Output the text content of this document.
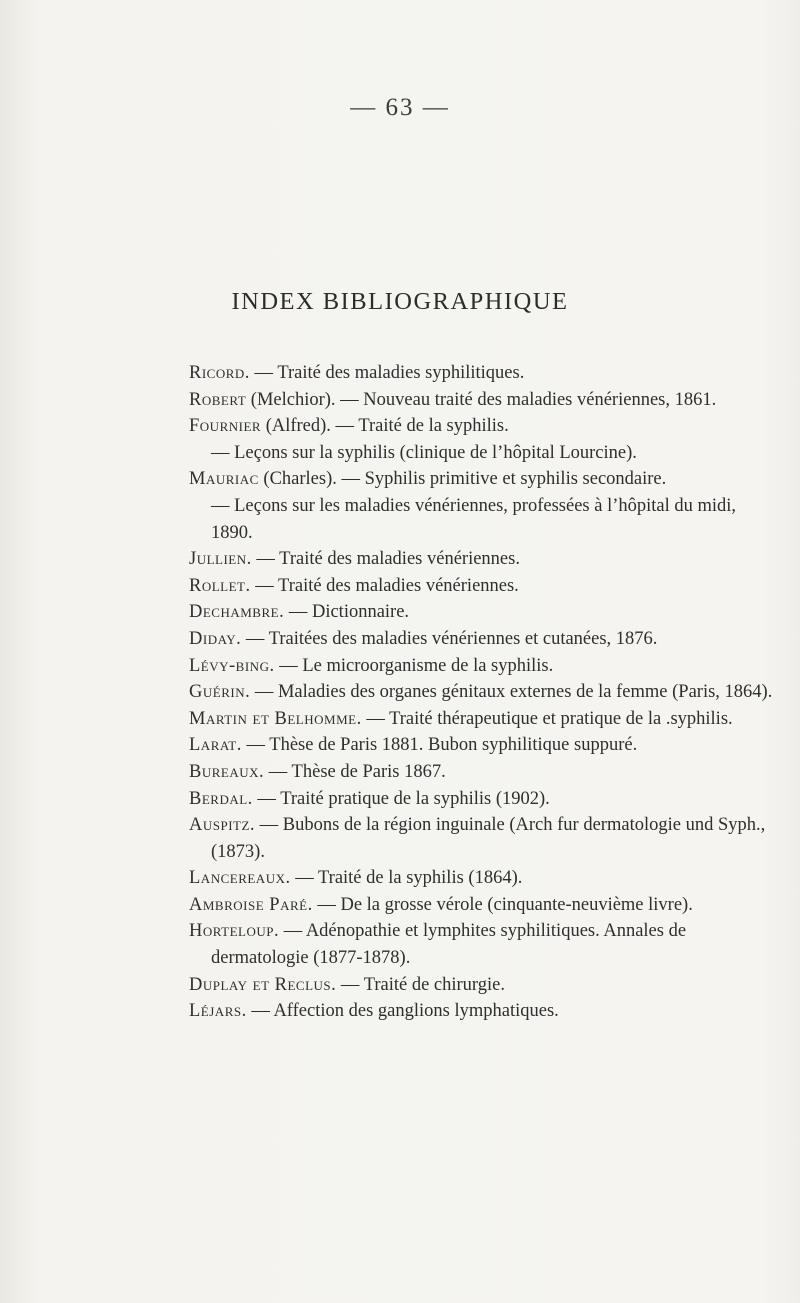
— 63 —
INDEX BIBLIOGRAPHIQUE
Ricord. — Traité des maladies syphilitiques.
Robert (Melchior). — Nouveau traité des maladies vénériennes, 1861.
Fournier (Alfred). — Traité de la syphilis.
— Leçons sur la syphilis (clinique de l’hôpital Lourcine).
Mauriac (Charles). — Syphilis primitive et syphilis secondaire.
— Leçons sur les maladies vénériennes, professées à l’hôpital du midi, 1890.
Jullien. — Traité des maladies vénériennes.
Rollet. — Traité des maladies vénériennes.
Dechambre. — Dictionnaire.
Diday. — Traitées des maladies vénériennes et cutanées, 1876.
Lévy-bing. — Le microorganisme de la syphilis.
Guérin. — Maladies des organes génitaux externes de la femme (Paris, 1864).
Martin et Belhomme. — Traité thérapeutique et pratique de la .syphilis.
Larat. — Thèse de Paris 1881. Bubon syphilitique suppuré.
Bureaux. — Thèse de Paris 1867.
Berdal. — Traité pratique de la syphilis (1902).
Auspitz. — Bubons de la région inguinale (Arch fur dermatologie und Syph., (1873).
Lancereaux. — Traité de la syphilis (1864).
Ambroise Paré. — De la grosse vérole (cinquante-neuvième livre).
Horteloup. — Adénopathie et lymphites syphilitiques. Annales de dermatologie (1877-1878).
Duplay et Reclus. — Traité de chirurgie.
Léjars. — Affection des ganglions lymphatiques.
